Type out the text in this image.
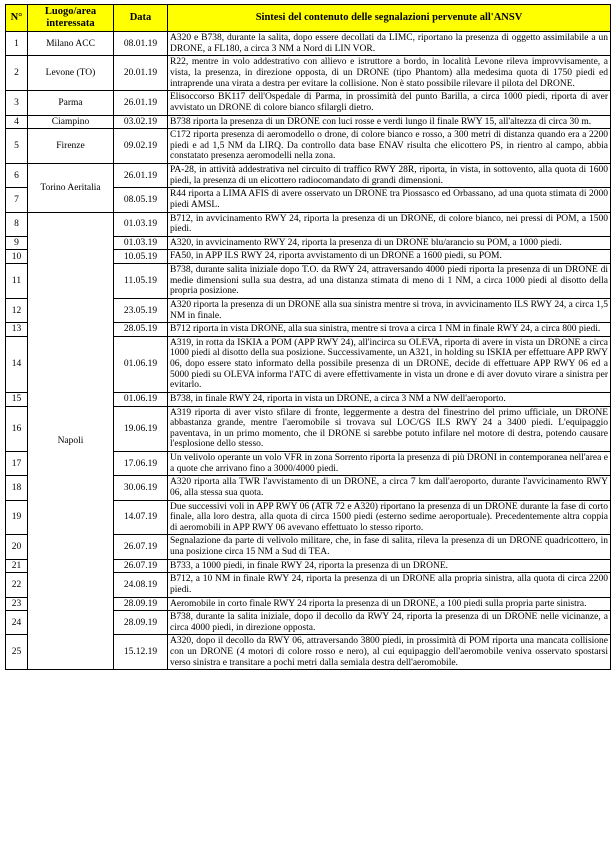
N°	Luogo/area interessata	Data	Sintesi del contenuto delle segnalazioni pervenute all'ANSV
1	Milano ACC	08.01.19	A320 e B738, durante la salita, dopo essere decollati da LIMC, riportano la presenza di oggetto assimilabile a un DRONE, a FL180, a circa 3 NM a Nord di LIN VOR.
2	Levone (TO)	20.01.19	R22, mentre in volo addestrativo con allievo e istruttore a bordo, in località Levone rileva improvvisamente, a vista, la presenza, in direzione opposta, di un DRONE (tipo Phantom) alla medesima quota di 1750 piedi ed intraprende una virata a destra per evitare la collisione. Non è stato possibile rilevare il pilota del DRONE.
3	Parma	26.01.19	Elisoccorso BK117 dell'Ospedale di Parma, in prossimità del punto Barilla, a circa 1000 piedi, riporta di aver avvistato un DRONE di colore bianco sfilargli dietro.
4	Ciampino	03.02.19	B738 riporta la presenza di un DRONE con luci rosse e verdi lungo il finale RWY 15, all'altezza di circa 30 m.
5	Firenze	09.02.19	C172 riporta presenza di aeromodello o drone, di colore bianco e rosso, a 300 metri di distanza quando era a 2200 piedi e ad 1,5 NM da LIRQ. Da controllo data base ENAV risulta che elicottero PS, in rientro al campo, abbia constatato presenza aeromodelli nella zona.
6	Torino Aeritalia	26.01.19	PA-28, in attività addestrativa nel circuito di traffico RWY 28R, riporta, in vista, in sottovento, alla quota di 1600 piedi, la presenza di un elicottero radiocomandato di grandi dimensioni.
7		08.05.19	R44 riporta a LIMA AFIS di avere osservato un DRONE tra Piossasco ed Orbassano, ad una quota stimata di 2000 piedi AMSL.
8	Napoli	01.03.19	B712, in avvicinamento RWY 24, riporta la presenza di un DRONE, di colore bianco, nei pressi di POM, a 1500 piedi.
9		01.03.19	A320, in avvicinamento RWY 24, riporta la presenza di un DRONE blu/arancio su POM, a 1000 piedi.
10		10.05.19	FA50, in APP ILS RWY 24, riporta avvistamento di un DRONE a 1600 piedi, su POM.
11		11.05.19	B738, durante salita iniziale dopo T.O. da RWY 24, attraversando 4000 piedi riporta la presenza di un DRONE di medie dimensioni sulla sua destra, ad una distanza stimata di meno di 1 NM, a circa 1000 piedi al disotto della propria posizione.
12		23.05.19	A320 riporta la presenza di un DRONE alla sua sinistra mentre si trova, in avvicinamento ILS RWY 24, a circa 1,5 NM in finale.
13		28.05.19	B712 riporta in vista DRONE, alla sua sinistra, mentre si trova a circa 1 NM in finale RWY 24, a circa 800 piedi.
14		01.06.19	A319, in rotta da ISKIA a POM (APP RWY 24), all'incirca su OLEVA, riporta di avere in vista un DRONE a circa 1000 piedi al disotto della sua posizione. Successivamente, un A321, in holding su ISKIA per effettuare APP RWY 06, dopo essere stato informato della possibile presenza di un DRONE, decide di effettuare APP RWY 06 ed a 5000 piedi su OLEVA informa l'ATC di avere effettivamente in vista un drone e di aver dovuto virare a sinistra per evitarlo.
15		01.06.19	B738, in finale RWY 24, riporta in vista un DRONE, a circa 3 NM a NW dell'aeroporto.
16		19.06.19	A319 riporta di aver visto sfilare di fronte, leggermente a destra del finestrino del primo ufficiale, un DRONE abbastanza grande, mentre l'aeromobile si trovava sul LOC/GS ILS RWY 24 a 3400 piedi. L'equipaggio paventava, in un primo momento, che il DRONE si sarebbe potuto infilare nel motore di destra, potendo causare l'esplosione dello stesso.
17		17.06.19	Un velivolo operante un volo VFR in zona Sorrento riporta la presenza di più DRONI in contemporanea nell'area e a quote che arrivano fino a 3000/4000 piedi.
18		30.06.19	A320 riporta alla TWR l'avvistamento di un DRONE, a circa 7 km dall'aeroporto, durante l'avvicinamento RWY 06, alla stessa sua quota.
19		14.07.19	Due successivi voli in APP RWY 06 (ATR 72 e A320) riportano la presenza di un DRONE durante la fase di corto finale, alla loro destra, alla quota di circa 1500 piedi (esterno sedime aeroportuale). Precedentemente altra coppia di aeromobili in APP RWY 06 avevano effettuato lo stesso riporto.
20		26.07.19	Segnalazione da parte di velivolo militare, che, in fase di salita, rileva la presenza di un DRONE quadricottero, in una posizione circa 15 NM a Sud di TEA.
21		26.07.19	B733, a 1000 piedi, in finale RWY 24, riporta la presenza di un DRONE.
22		24.08.19	B712, a 10 NM in finale RWY 24, riporta la presenza di un DRONE alla propria sinistra, alla quota di circa 2200 piedi.
23		28.09.19	Aeromobile in corto finale RWY 24 riporta la presenza di un DRONE, a 100 piedi sulla propria parte sinistra.
24		28.09.19	B738, durante la salita iniziale, dopo il decollo da RWY 24, riporta la presenza di un DRONE nelle vicinanze, a circa 4000 piedi, in direzione opposta.
25		15.12.19	A320, dopo il decollo da RWY 06, attraversando 3800 piedi, in prossimità di POM riporta una mancata collisione con un DRONE (4 motori di colore rosso e nero), al cui equipaggio dell'aeromobile veniva osservato spostarsi verso sinistra e transitare a pochi metri dalla semiala destra dell'aeromobile.
